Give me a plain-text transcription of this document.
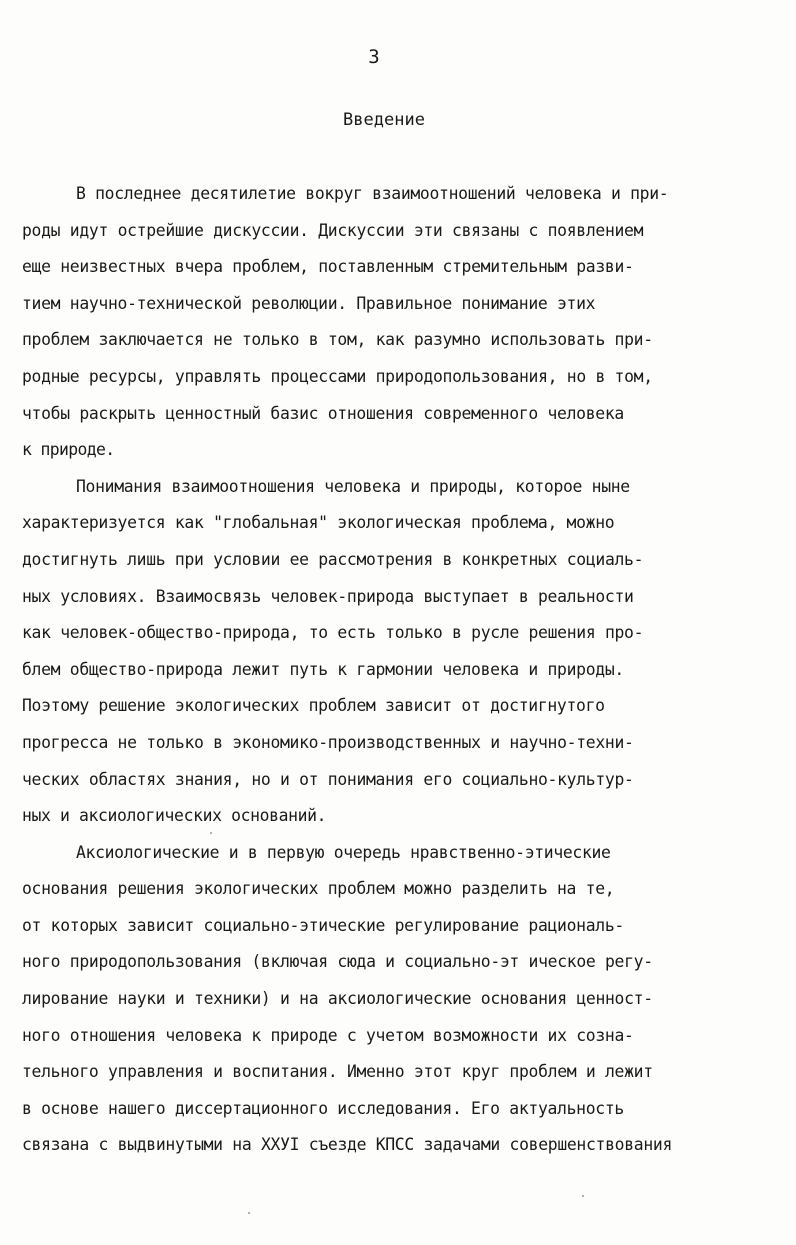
3
Введение
В последнее десятилетие вокруг взаимоотношений человека и при-
роды идут острейшие дискуссии. Дискуссии эти связаны с появлением
еще неизвестных вчера проблем, поставленным стремительным разви-
тием научно-технической революции. Правильное понимание этих
проблем заключается не только в том, как разумно использовать при-
родные ресурсы, управлять процессами природопользования, но в том,
чтобы раскрыть ценностный базис отношения современного человека
к природе.
Понимания взаимоотношения человека и природы, которое ныне
характеризуется как "глобальная" экологическая проблема, можно
достигнуть лишь при условии ее рассмотрения в конкретных социаль-
ных условиях. Взаимосвязь человек-природа выступает в реальности
как человек-общество-природа, то есть только в русле решения про-
блем общество-природа лежит путь к гармонии человека и природы.
Поэтому решение экологических проблем зависит от достигнутого
прогресса не только в экономико-производственных и научно-техни-
ческих областях знания, но и от понимания его социально-культур-
ных и аксиологических оснований.
Аксиологические и в первую очередь нравственно-этические
основания решения экологических проблем можно разделить на те,
от которых зависит социально-этические регулирование рациональ-
ного природопользования (включая сюда и социально-эт ическое регу-
лирование науки и техники) и на аксиологические основания ценност-
ного отношения человека к природе с учетом возможности их созна-
тельного управления и воспитания. Именно этот круг проблем и лежит
в основе нашего диссертационного исследования. Его актуальность
связана с выдвинутыми на XXУI съезде КПСС задачами совершенствования
